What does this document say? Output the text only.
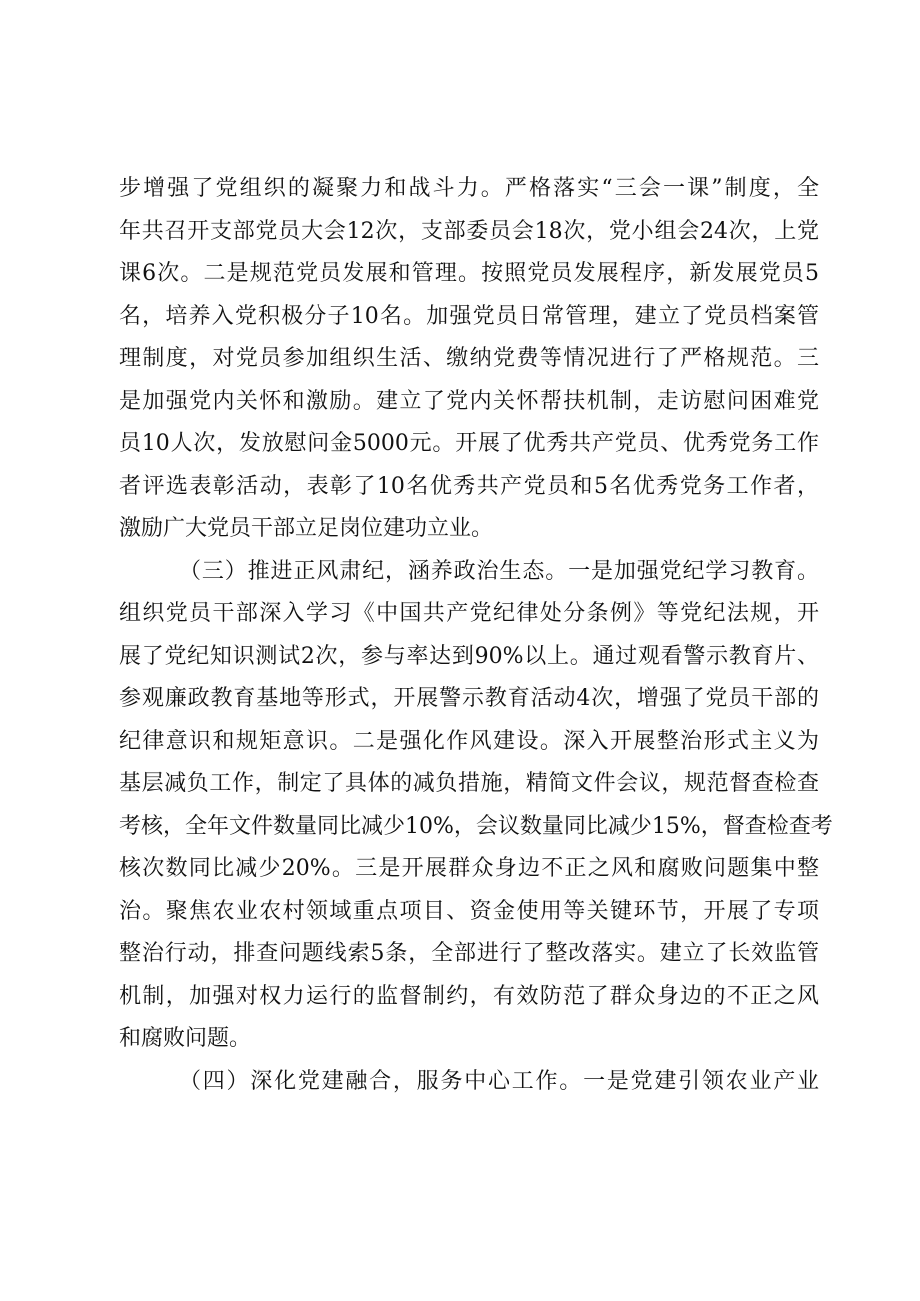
步增强了党组织的凝聚力和战斗力。严格落实“三会一课”制度，全
年共召开支部党员大会12次，支部委员会18次，党小组会24次，上党
课6次。二是规范党员发展和管理。按照党员发展程序，新发展党员5
名，培养入党积极分子10名。加强党员日常管理，建立了党员档案管
理制度，对党员参加组织生活、缴纳党费等情况进行了严格规范。三
是加强党内关怀和激励。建立了党内关怀帮扶机制，走访慰问困难党
员10人次，发放慰问金5000元。开展了优秀共产党员、优秀党务工作
者评选表彰活动，表彰了10名优秀共产党员和5名优秀党务工作者，
激励广大党员干部立足岗位建功立业。
（三）推进正风肃纪，涵养政治生态。一是加强党纪学习教育。
组织党员干部深入学习《中国共产党纪律处分条例》等党纪法规，开
展了党纪知识测试2次，参与率达到90%以上。通过观看警示教育片、
参观廉政教育基地等形式，开展警示教育活动4次，增强了党员干部的
纪律意识和规矩意识。二是强化作风建设。深入开展整治形式主义为
基层减负工作，制定了具体的减负措施，精简文件会议，规范督查检查
考核，全年文件数量同比减少10%，会议数量同比减少15%，督查检查考
核次数同比减少20%。三是开展群众身边不正之风和腐败问题集中整
治。聚焦农业农村领域重点项目、资金使用等关键环节，开展了专项
整治行动，排查问题线索5条，全部进行了整改落实。建立了长效监管
机制，加强对权力运行的监督制约，有效防范了群众身边的不正之风
和腐败问题。
（四）深化党建融合，服务中心工作。一是党建引领农业产业
